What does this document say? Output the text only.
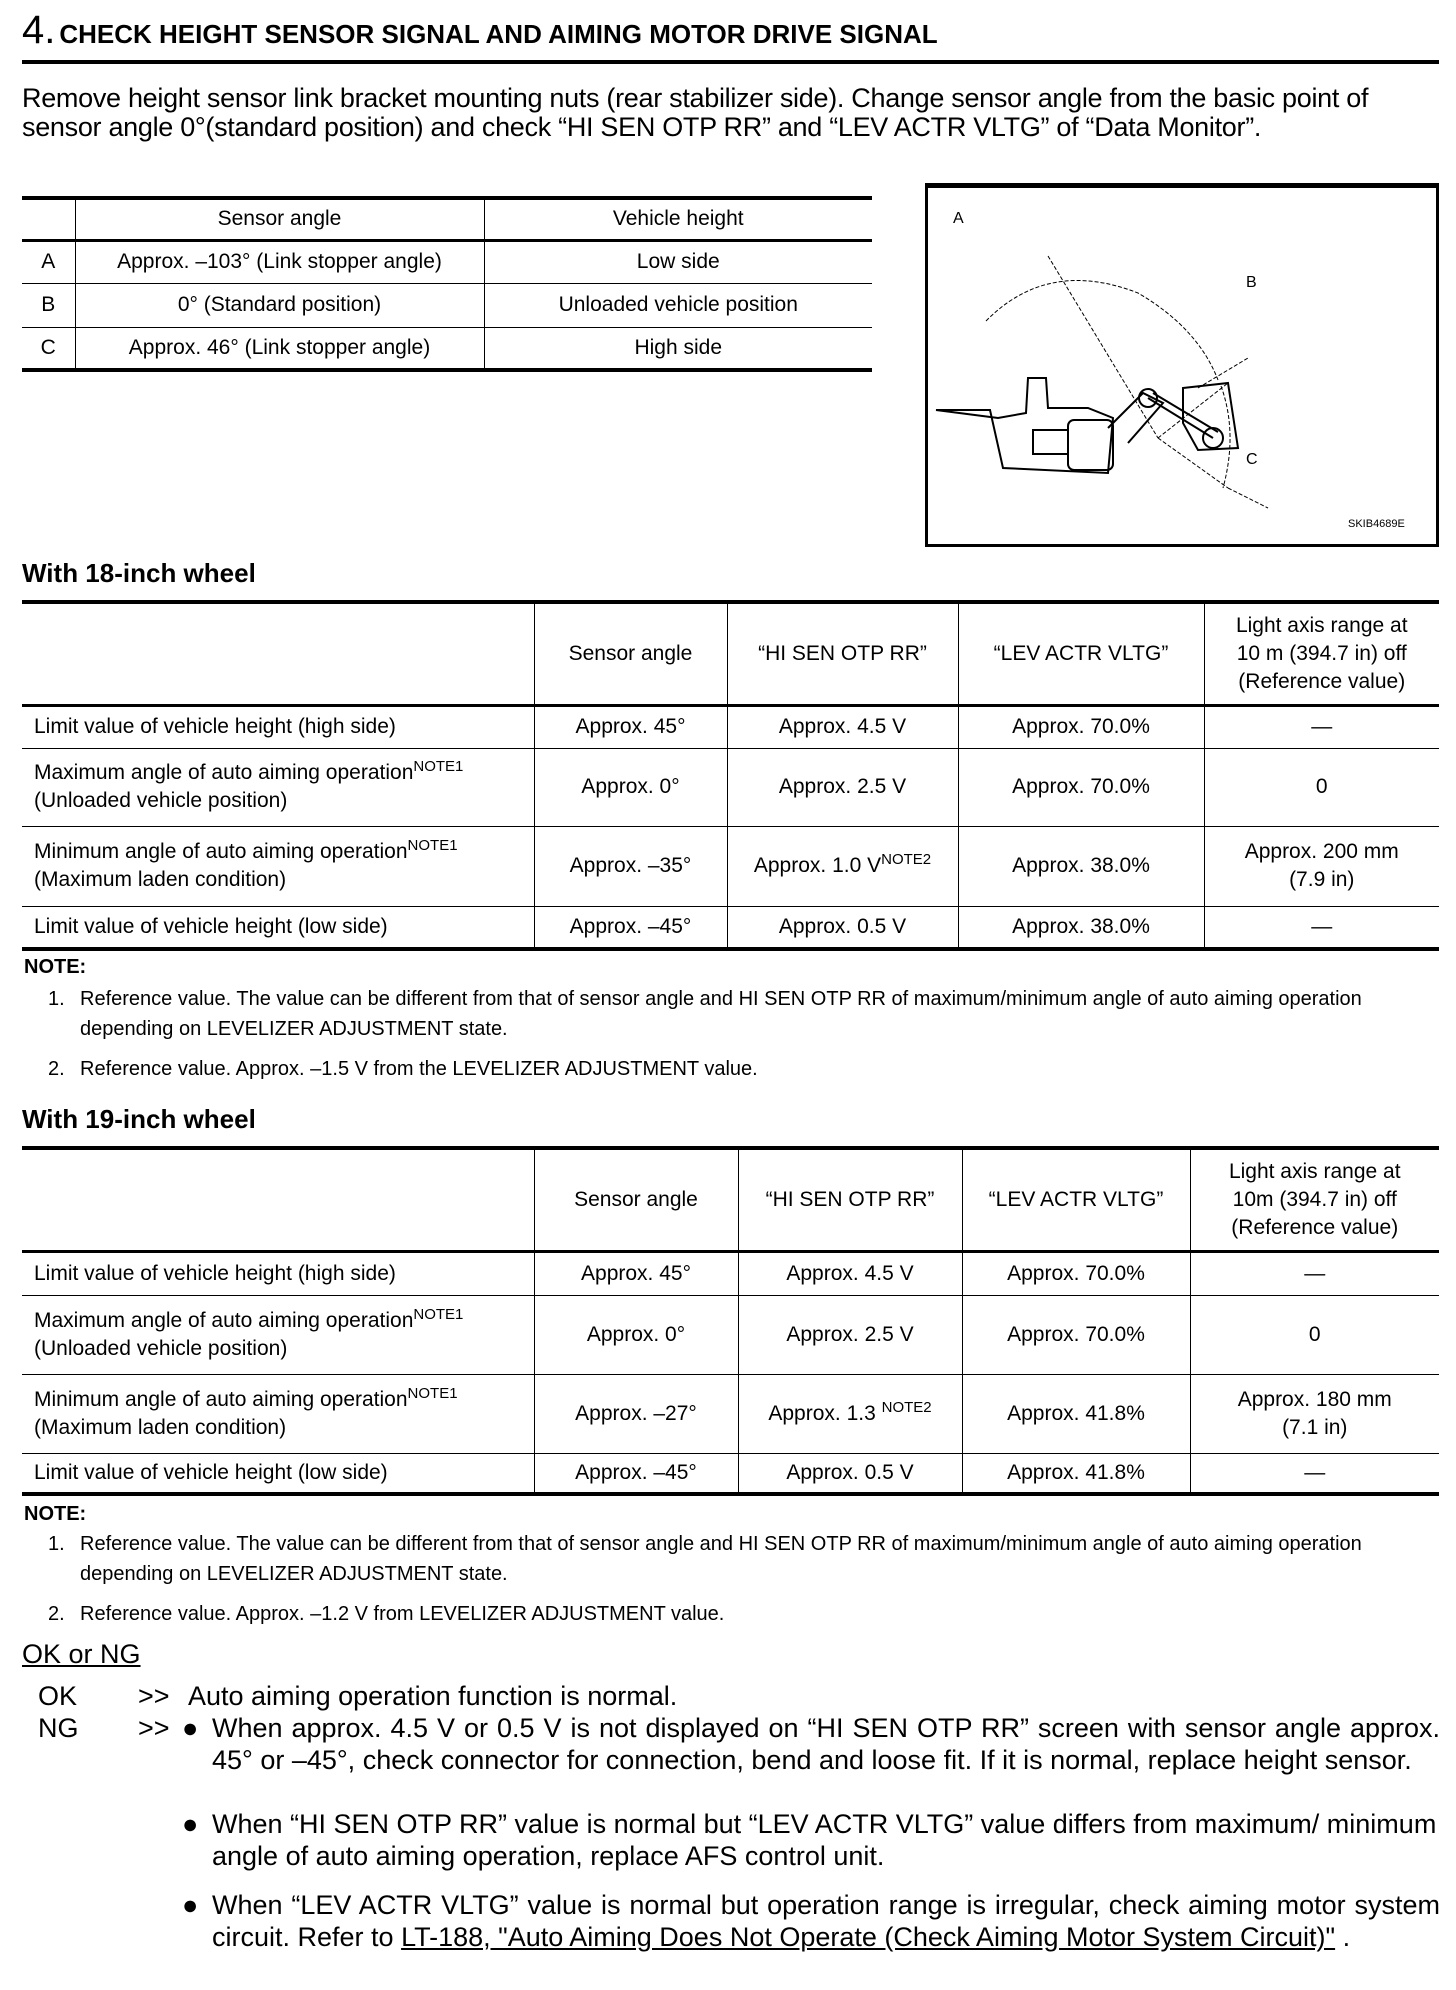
4. CHECK HEIGHT SENSOR SIGNAL AND AIMING MOTOR DRIVE SIGNAL
Remove height sensor link bracket mounting nuts (rear stabilizer side). Change sensor angle from the basic point of sensor angle 0°(standard position) and check “HI SEN OTP RR” and “LEV ACTR VLTG” of “Data Monitor”.
	Sensor angle	Vehicle height
A	Approx. –103° (Link stopper angle)	Low side
B	0° (Standard position)	Unloaded vehicle position
C	Approx. 46° (Link stopper angle)	High side
A
B
C
SKIB4689E
With 18-inch wheel
	Sensor angle	“HI SEN OTP RR”	“LEV ACTR VLTG”	Light axis range at 10 m (394.7 in) off (Reference value)
Limit value of vehicle height (high side)	Approx. 45°	Approx. 4.5 V	Approx. 70.0%	—
Maximum angle of auto aiming operation$^{NOTE1}$
(Unloaded vehicle position)	Approx. 0°	Approx. 2.5 V	Approx. 70.0%	0
Minimum angle of auto aiming operation$^{NOTE1}$
(Maximum laden condition)	Approx. –35°	Approx. 1.0 $V^{NOTE2}$	Approx. 38.0%	Approx. 200 mm (7.9 in)
Limit value of vehicle height (low side)	Approx. –45°	Approx. 0.5 V	Approx. 38.0%	—
NOTE:
1. Reference value. The value can be different from that of sensor angle and HI SEN OTP RR of maximum/minimum angle of auto aiming operation depending on LEVELIZER ADJUSTMENT state.
2. Reference value. Approx. –1.5 V from the LEVELIZER ADJUSTMENT value.
With 19-inch wheel
	Sensor angle	“HI SEN OTP RR”	“LEV ACTR VLTG”	Light axis range at 10m (394.7 in) off (Reference value)
Limit value of vehicle height (high side)	Approx. 45°	Approx. 4.5 V	Approx. 70.0%	—
Maximum angle of auto aiming operation$^{NOTE1}$
(Unloaded vehicle position)	Approx. 0°	Approx. 2.5 V	Approx. 70.0%	0
Minimum angle of auto aiming operation$^{NOTE1}$
(Maximum laden condition)	Approx. –27°	Approx. 1.3 $^{NOTE2}$	Approx. 41.8%	Approx. 180 mm (7.1 in)
Limit value of vehicle height (low side)	Approx. –45°	Approx. 0.5 V	Approx. 41.8%	—
NOTE:
1. Reference value. The value can be different from that of sensor angle and HI SEN OTP RR of maximum/minimum angle of auto aiming operation depending on LEVELIZER ADJUSTMENT state.
2. Reference value. Approx. –1.2 V from LEVELIZER ADJUSTMENT value.
OK or NG
OK >> Auto aiming operation function is normal.
NG >> ● When approx. 4.5 V or 0.5 V is not displayed on “HI SEN OTP RR” screen with sensor angle approx. 45° or –45°, check connector for connection, bend and loose fit. If it is normal, replace height sensor.
● When “HI SEN OTP RR” value is normal but “LEV ACTR VLTG” value differs from maximum/ minimum angle of auto aiming operation, replace AFS control unit.
● When “LEV ACTR VLTG” value is normal but operation range is irregular, check aiming motor system circuit. Refer to LT-188, "Auto Aiming Does Not Operate (Check Aiming Motor System Circuit)" .
